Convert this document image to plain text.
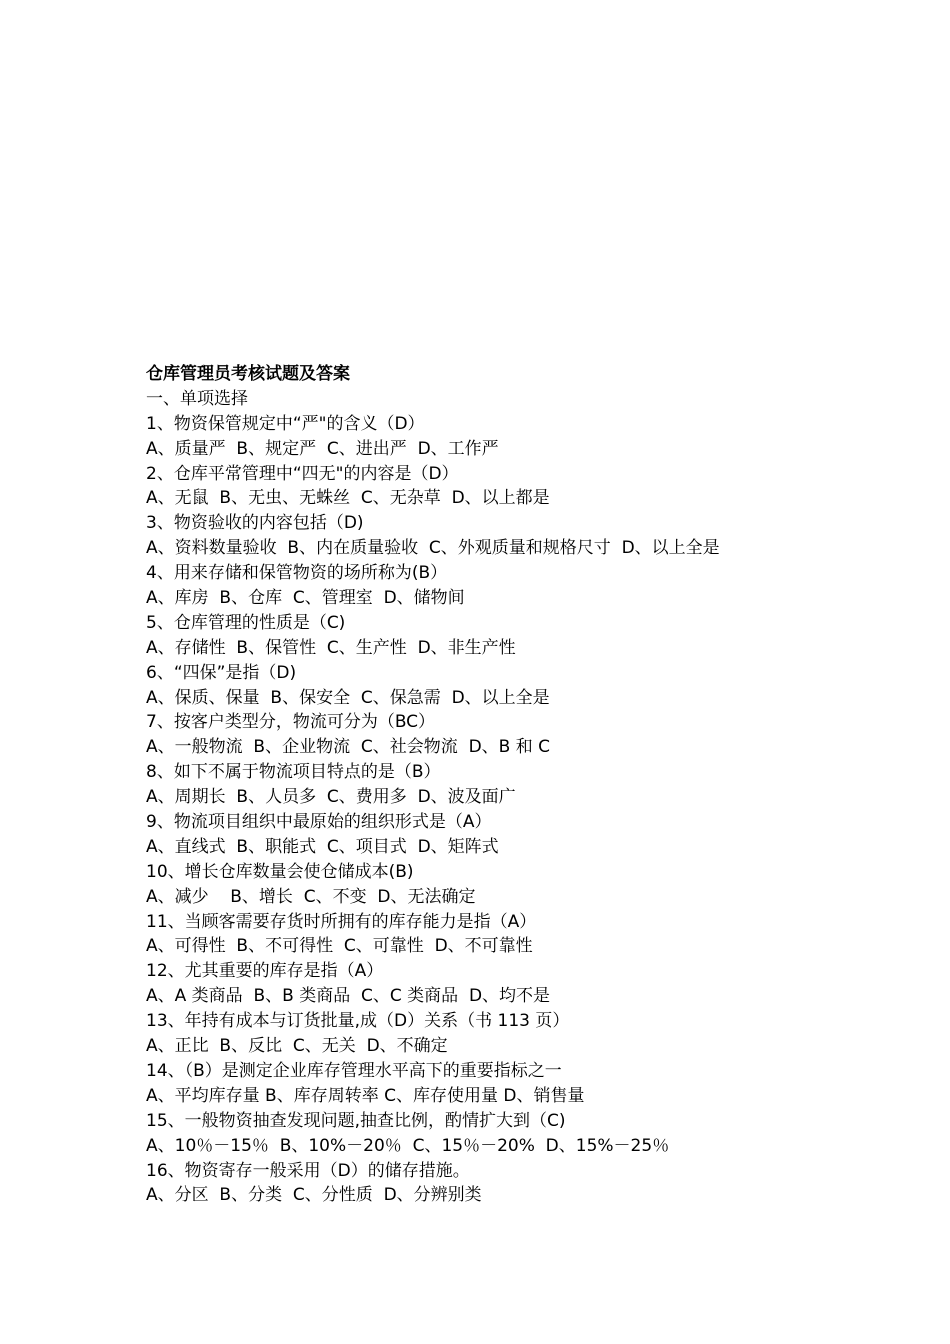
仓库管理员考核试题及答案
一、单项选择
1、物资保管规定中“严"的含义（D）
A、质量严  B、规定严  C、进出严  D、工作严
2、仓库平常管理中“四无"的内容是（D）
A、无鼠  B、无虫、无蛛丝  C、无杂草  D、以上都是
3、物资验收的内容包括（D)
A、资料数量验收  B、内在质量验收  C、外观质量和规格尺寸  D、以上全是
4、用来存储和保管物资的场所称为(B）
A、库房  B、仓库  C、管理室  D、储物间
5、仓库管理的性质是（C)
A、存储性  B、保管性  C、生产性  D、非生产性
6、“四保”是指（D)
A、保质、保量  B、保安全  C、保急需  D、以上全是
7、按客户类型分，物流可分为（BC）
A、一般物流  B、企业物流  C、社会物流  D、B 和 C
8、如下不属于物流项目特点的是（B）
A、周期长  B、人员多  C、费用多  D、波及面广
9、物流项目组织中最原始的组织形式是（A）
A、直线式  B、职能式  C、项目式  D、矩阵式
10、增长仓库数量会使仓储成本(B)
A、减少    B、增长  C、不变  D、无法确定
11、当顾客需要存货时所拥有的库存能力是指（A）
A、可得性  B、不可得性  C、可靠性  D、不可靠性
12、尤其重要的库存是指（A）
A、A 类商品  B、B 类商品  C、C 类商品  D、均不是
13、年持有成本与订货批量,成（D）关系（书 113 页）
A、正比  B、反比  C、无关  D、不确定
14、（B）是测定企业库存管理水平高下的重要指标之一
A、平均库存量 B、库存周转率 C、库存使用量 D、销售量
15、一般物资抽查发现问题,抽查比例，酌情扩大到（C)
A、10％－15％  B、10%－20％  C、15％－20%  D、15%－25％
16、物资寄存一般采用（D）的储存措施。
A、分区  B、分类  C、分性质  D、分辨别类
